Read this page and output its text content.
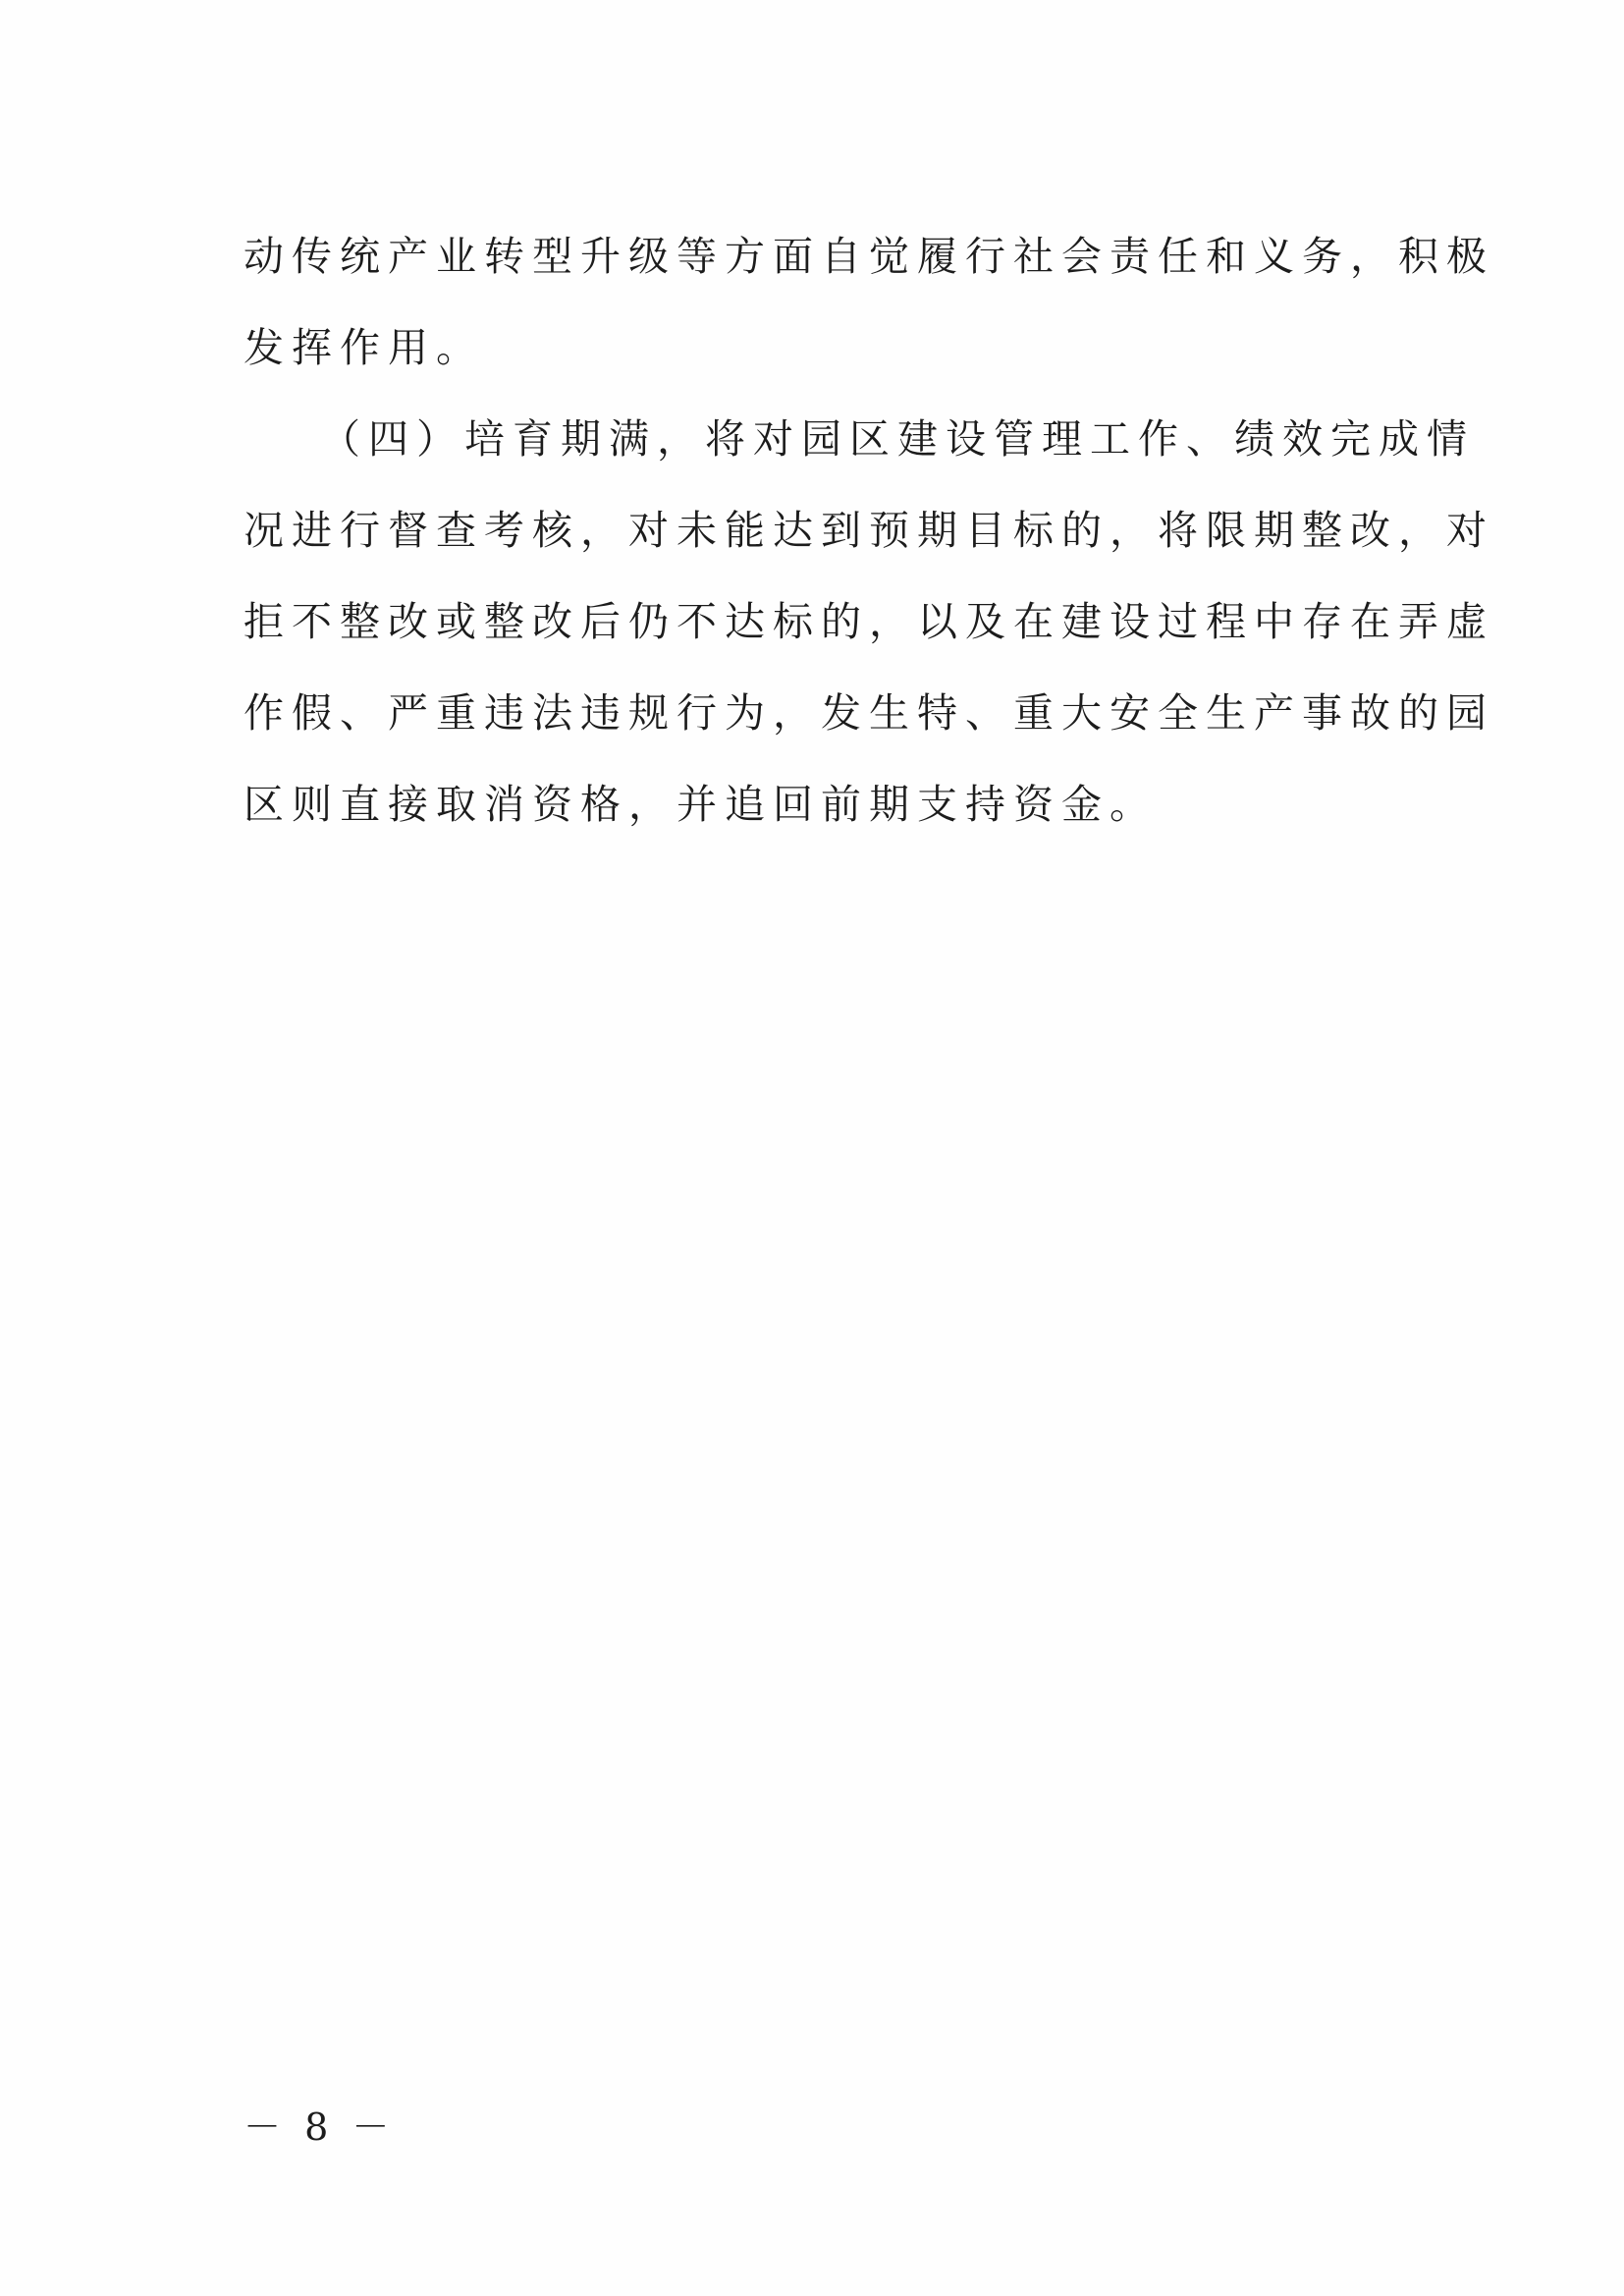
动传统产业转型升级等方面自觉履行社会责任和义务，积极
发挥作用。
（四）培育期满，将对园区建设管理工作、绩效完成情
况进行督查考核，对未能达到预期目标的，将限期整改，对
拒不整改或整改后仍不达标的，以及在建设过程中存在弄虚
作假、严重违法违规行为，发生特、重大安全生产事故的园
区则直接取消资格，并追回前期支持资金。
－ 8 －
